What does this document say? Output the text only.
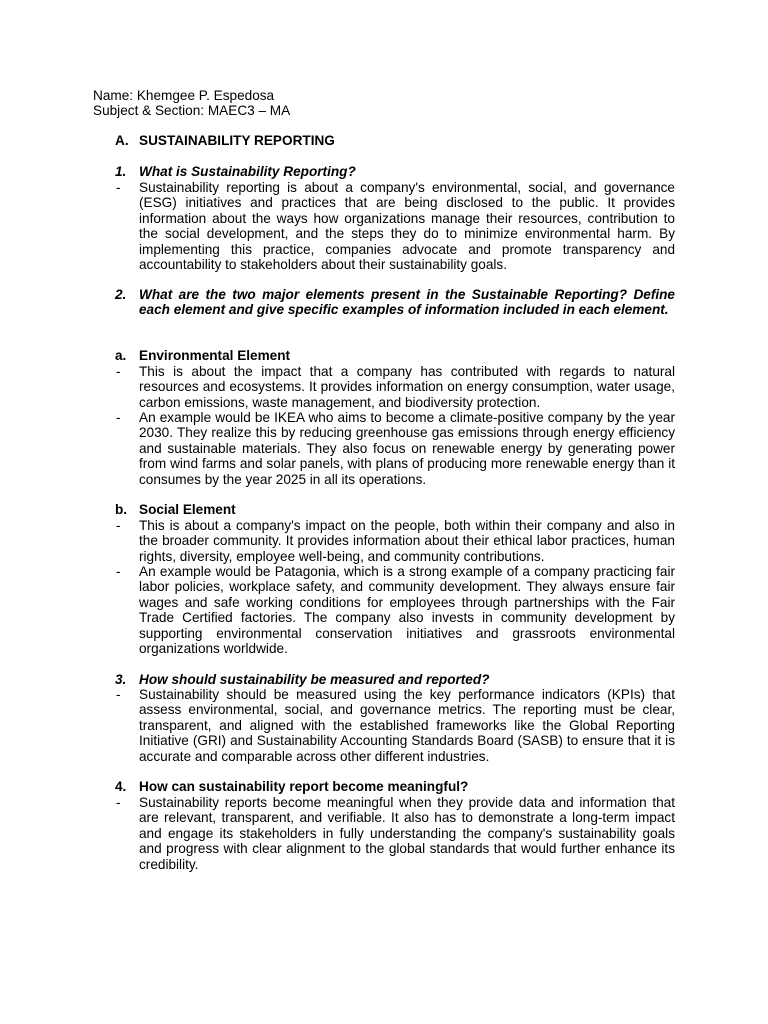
Name: Khemgee P. Espedosa
Subject & Section: MAEC3 – MA
A. SUSTAINABILITY REPORTING
1. What is Sustainability Reporting?
- Sustainability reporting is about a company's environmental, social, and governance (ESG) initiatives and practices that are being disclosed to the public. It provides information about the ways how organizations manage their resources, contribution to the social development, and the steps they do to minimize environmental harm. By implementing this practice, companies advocate and promote transparency and accountability to stakeholders about their sustainability goals.
2. What are the two major elements present in the Sustainable Reporting? Define each element and give specific examples of information included in each element.
a. Environmental Element
- This is about the impact that a company has contributed with regards to natural resources and ecosystems. It provides information on energy consumption, water usage, carbon emissions, waste management, and biodiversity protection.
- An example would be IKEA who aims to become a climate-positive company by the year 2030. They realize this by reducing greenhouse gas emissions through energy efficiency and sustainable materials. They also focus on renewable energy by generating power from wind farms and solar panels, with plans of producing more renewable energy than it consumes by the year 2025 in all its operations.
b. Social Element
- This is about a company's impact on the people, both within their company and also in the broader community. It provides information about their ethical labor practices, human rights, diversity, employee well-being, and community contributions.
- An example would be Patagonia, which is a strong example of a company practicing fair labor policies, workplace safety, and community development. They always ensure fair wages and safe working conditions for employees through partnerships with the Fair Trade Certified factories. The company also invests in community development by supporting environmental conservation initiatives and grassroots environmental organizations worldwide.
3. How should sustainability be measured and reported?
- Sustainability should be measured using the key performance indicators (KPIs) that assess environmental, social, and governance metrics. The reporting must be clear, transparent, and aligned with the established frameworks like the Global Reporting Initiative (GRI) and Sustainability Accounting Standards Board (SASB) to ensure that it is accurate and comparable across other different industries.
4. How can sustainability report become meaningful?
- Sustainability reports become meaningful when they provide data and information that are relevant, transparent, and verifiable. It also has to demonstrate a long-term impact and engage its stakeholders in fully understanding the company's sustainability goals and progress with clear alignment to the global standards that would further enhance its credibility.
